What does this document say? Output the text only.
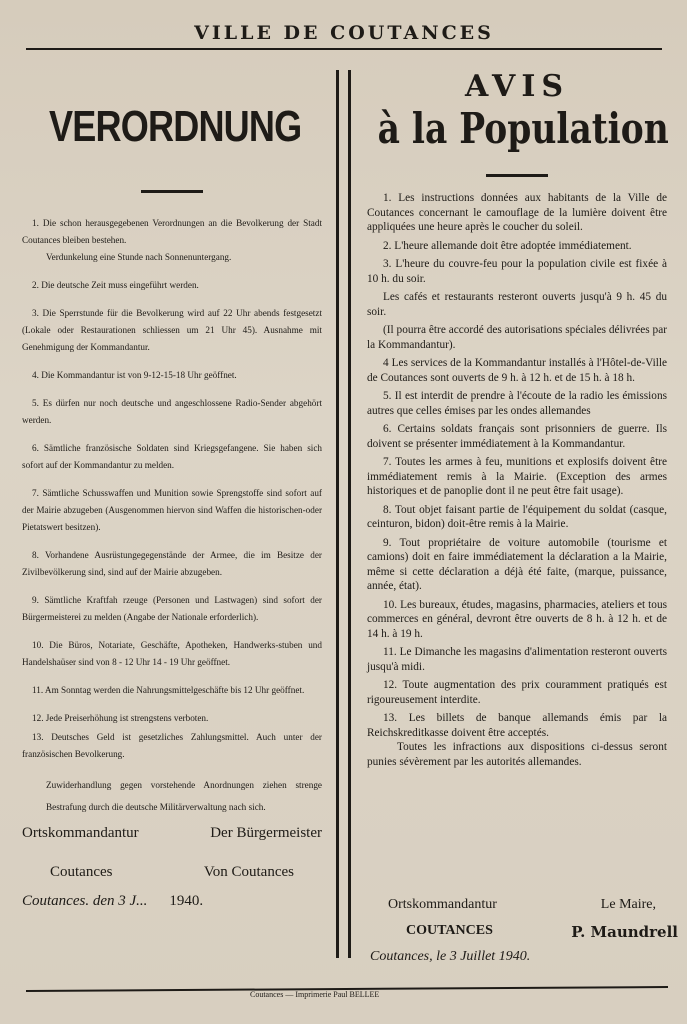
VILLE DE COUTANCES
VERORDNUNG

1. Die schon herausgegebenen Verordnungen an die Bevolkerung der Stadt Coutances bleiben bestehen.

Verdunkelung eine Stunde nach Sonnenuntergang.

2. Die deutsche Zeit muss eingeführt werden.

3. Die Sperrstunde für die Bevolkerung wird auf 22 Uhr abends festgesetzt (Lokale oder Restaurationen schliessen um 21 Uhr 45). Ausnahme mit Genehmigung der Kommandantur.

4. Die Kommandantur ist von 9-12-15-18 Uhr geöffnet.

5. Es dürfen nur noch deutsche und angeschlossene Radio-Sender abgehört werden.

6. Sämtliche französische Soldaten sind Kriegsgefangene. Sie haben sich sofort auf der Kommandantur zu melden.

7. Sämtliche Schusswaffen und Munition sowie Sprengstoffe sind sofort auf der Mairie abzugeben (Ausgenommen hiervon sind Waffen die historischen-oder Pietatswert besitzen).

8. Vorhandene Ausrüstungegegenstände der Armee, die im Besitze der Zivilbevölkerung sind, sind auf der Mairie abzugeben.

9. Sämtliche Kraftfah rzeuge (Personen und Lastwagen) sind sofort der Bürgermeisterei zu melden (Angabe der Nationale erforderlich).

10. Die Büros, Notariate, Geschäfte, Apotheken, Handwerks-stuben und Handelshaüser sind von 8 - 12 Uhr 14 - 19 Uhr geöffnet.

11. Am Sonntag werden die Nahrungsmittelgeschäfte bis 12 Uhr geöffnet.

12. Jede Preiserhöhung ist strengstens verboten.

13. Deutsches Geld ist gesetzliches Zahlungsmittel. Auch unter der französischen Bevolkerung.

Zuwiderhandlung gegen vorstehende Anordnungen ziehen strenge Bestrafung durch die deutsche Militärverwaltung nach sich.
Ortskommandantur	Der Bürgermeister
Coutances	Von Coutances
Coutances. den 3 J... 1940.
AVIS
à la Population

1. Les instructions données aux habitants de la Ville de Coutances concernant le camouflage de la lumière doivent être appliquées une heure après le coucher du soleil.

2. L'heure allemande doit être adoptée immédiatement.

3. L'heure du couvre-feu pour la population civile est fixée à 10 h. du soir.

Les cafés et restaurants resteront ouverts jusqu'à 9 h. 45 du soir.

(Il pourra être accordé des autorisations spéciales délivrées par la Kommandantur).

4 Les services de la Kommandantur installés à l'Hôtel-de-Ville de Coutances sont ouverts de 9 h. à 12 h. et de 15 h. à 18 h.

5. Il est interdit de prendre à l'écoute de la radio les émissions autres que celles émises par les ondes allemandes

6. Certains soldats français sont prisonniers de guerre. Ils doivent se présenter immédiatement à la Kommandantur.

7. Toutes les armes à feu, munitions et explosifs doivent être immédiatement remis à la Mairie. (Exception des armes historiques et de panoplie dont il ne peut être fait usage).

8. Tout objet faisant partie de l'équipement du soldat (casque, ceinturon, bidon) doit-être remis à la Mairie.

9. Tout propriétaire de voiture automobile (tourisme et camions) doit en faire immédiatement la déclaration a la Mairie, même si cette déclaration a déjà été faite, (marque, puissance, année, état).

10. Les bureaux, études, magasins, pharmacies, ateliers et tous commerces en général, devront être ouverts de 8 h. à 12 h. et de 14 h. à 19 h.

11. Le Dimanche les magasins d'alimentation resteront ouverts jusqu'à midi.

12. Toute augmentation des prix couramment pratiqués est rigoureusement interdite.

13. Les billets de banque allemands émis par la Reichskreditkasse doivent être acceptés.

Toutes les infractions aux dispositions ci-dessus seront punies sévèrement par les autorités allemandes.

Ortskommandantur	Le Maire,
COUTANCES	P. Maundrell
Coutances, le 3 Juillet 1940.
Coutances — Imprimerie Paul BELLEE
